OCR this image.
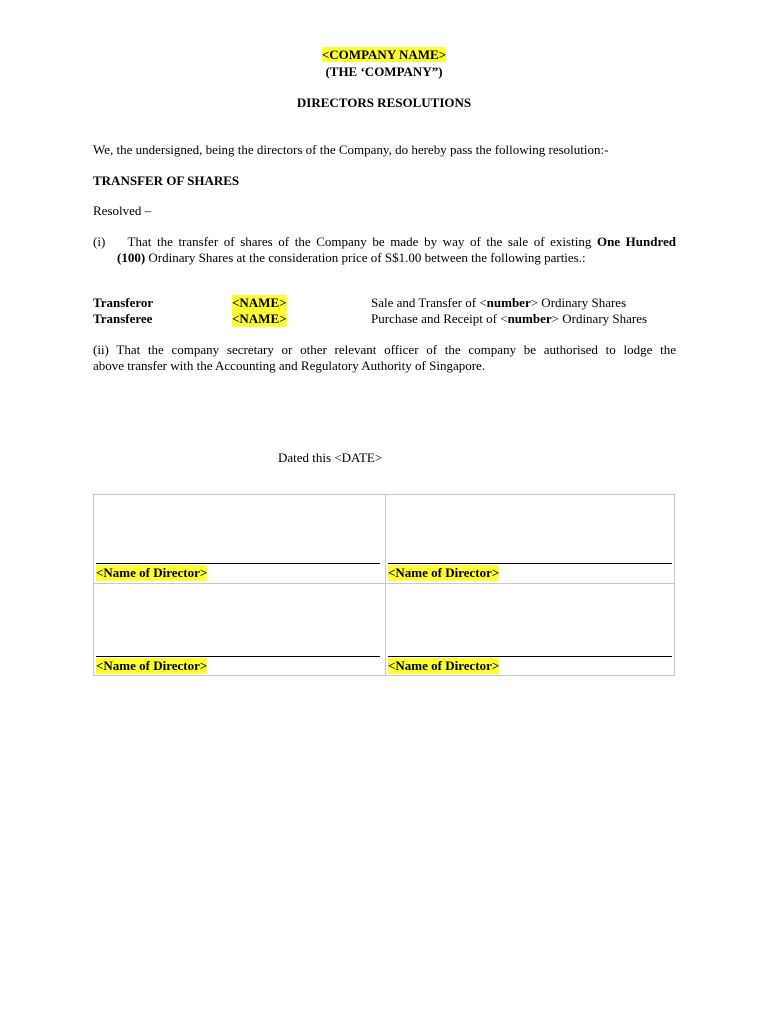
<COMPANY NAME>
(THE ‘COMPANY”)
DIRECTORS RESOLUTIONS
We, the undersigned, being the directors of the Company, do hereby pass the following resolution:-
TRANSFER OF SHARES
Resolved –
(i) That the transfer of shares of the Company be made by way of the sale of existing One Hundred
(100) Ordinary Shares at the consideration price of S$1.00 between the following parties.:
Transferor	<NAME>	Sale and Transfer of <number> Ordinary Shares
Transferee	<NAME>	Purchase and Receipt of <number> Ordinary Shares
(ii) That the company secretary or other relevant officer of the company be authorised to lodge the
above transfer with the Accounting and Regulatory Authority of Singapore.
Dated this <DATE>
<Name of Director>	<Name of Director>
<Name of Director>	<Name of Director>
